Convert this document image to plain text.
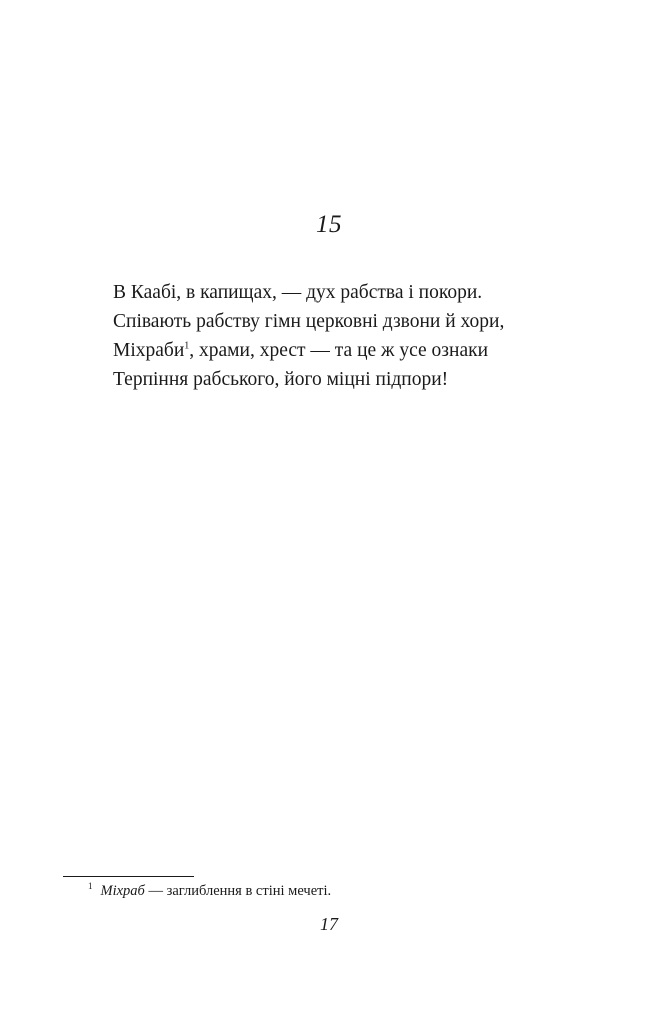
15
В Каабі, в капищах, — дух рабства і покори.
Співають рабству гімн церковні дзвони й хори,
Міхраби$^1$, храми, хрест — та це ж усе ознаки
Терпіння рабського, його міцні підпори!
$^1$ Міхраб — заглиблення в стіні мечеті.
17
